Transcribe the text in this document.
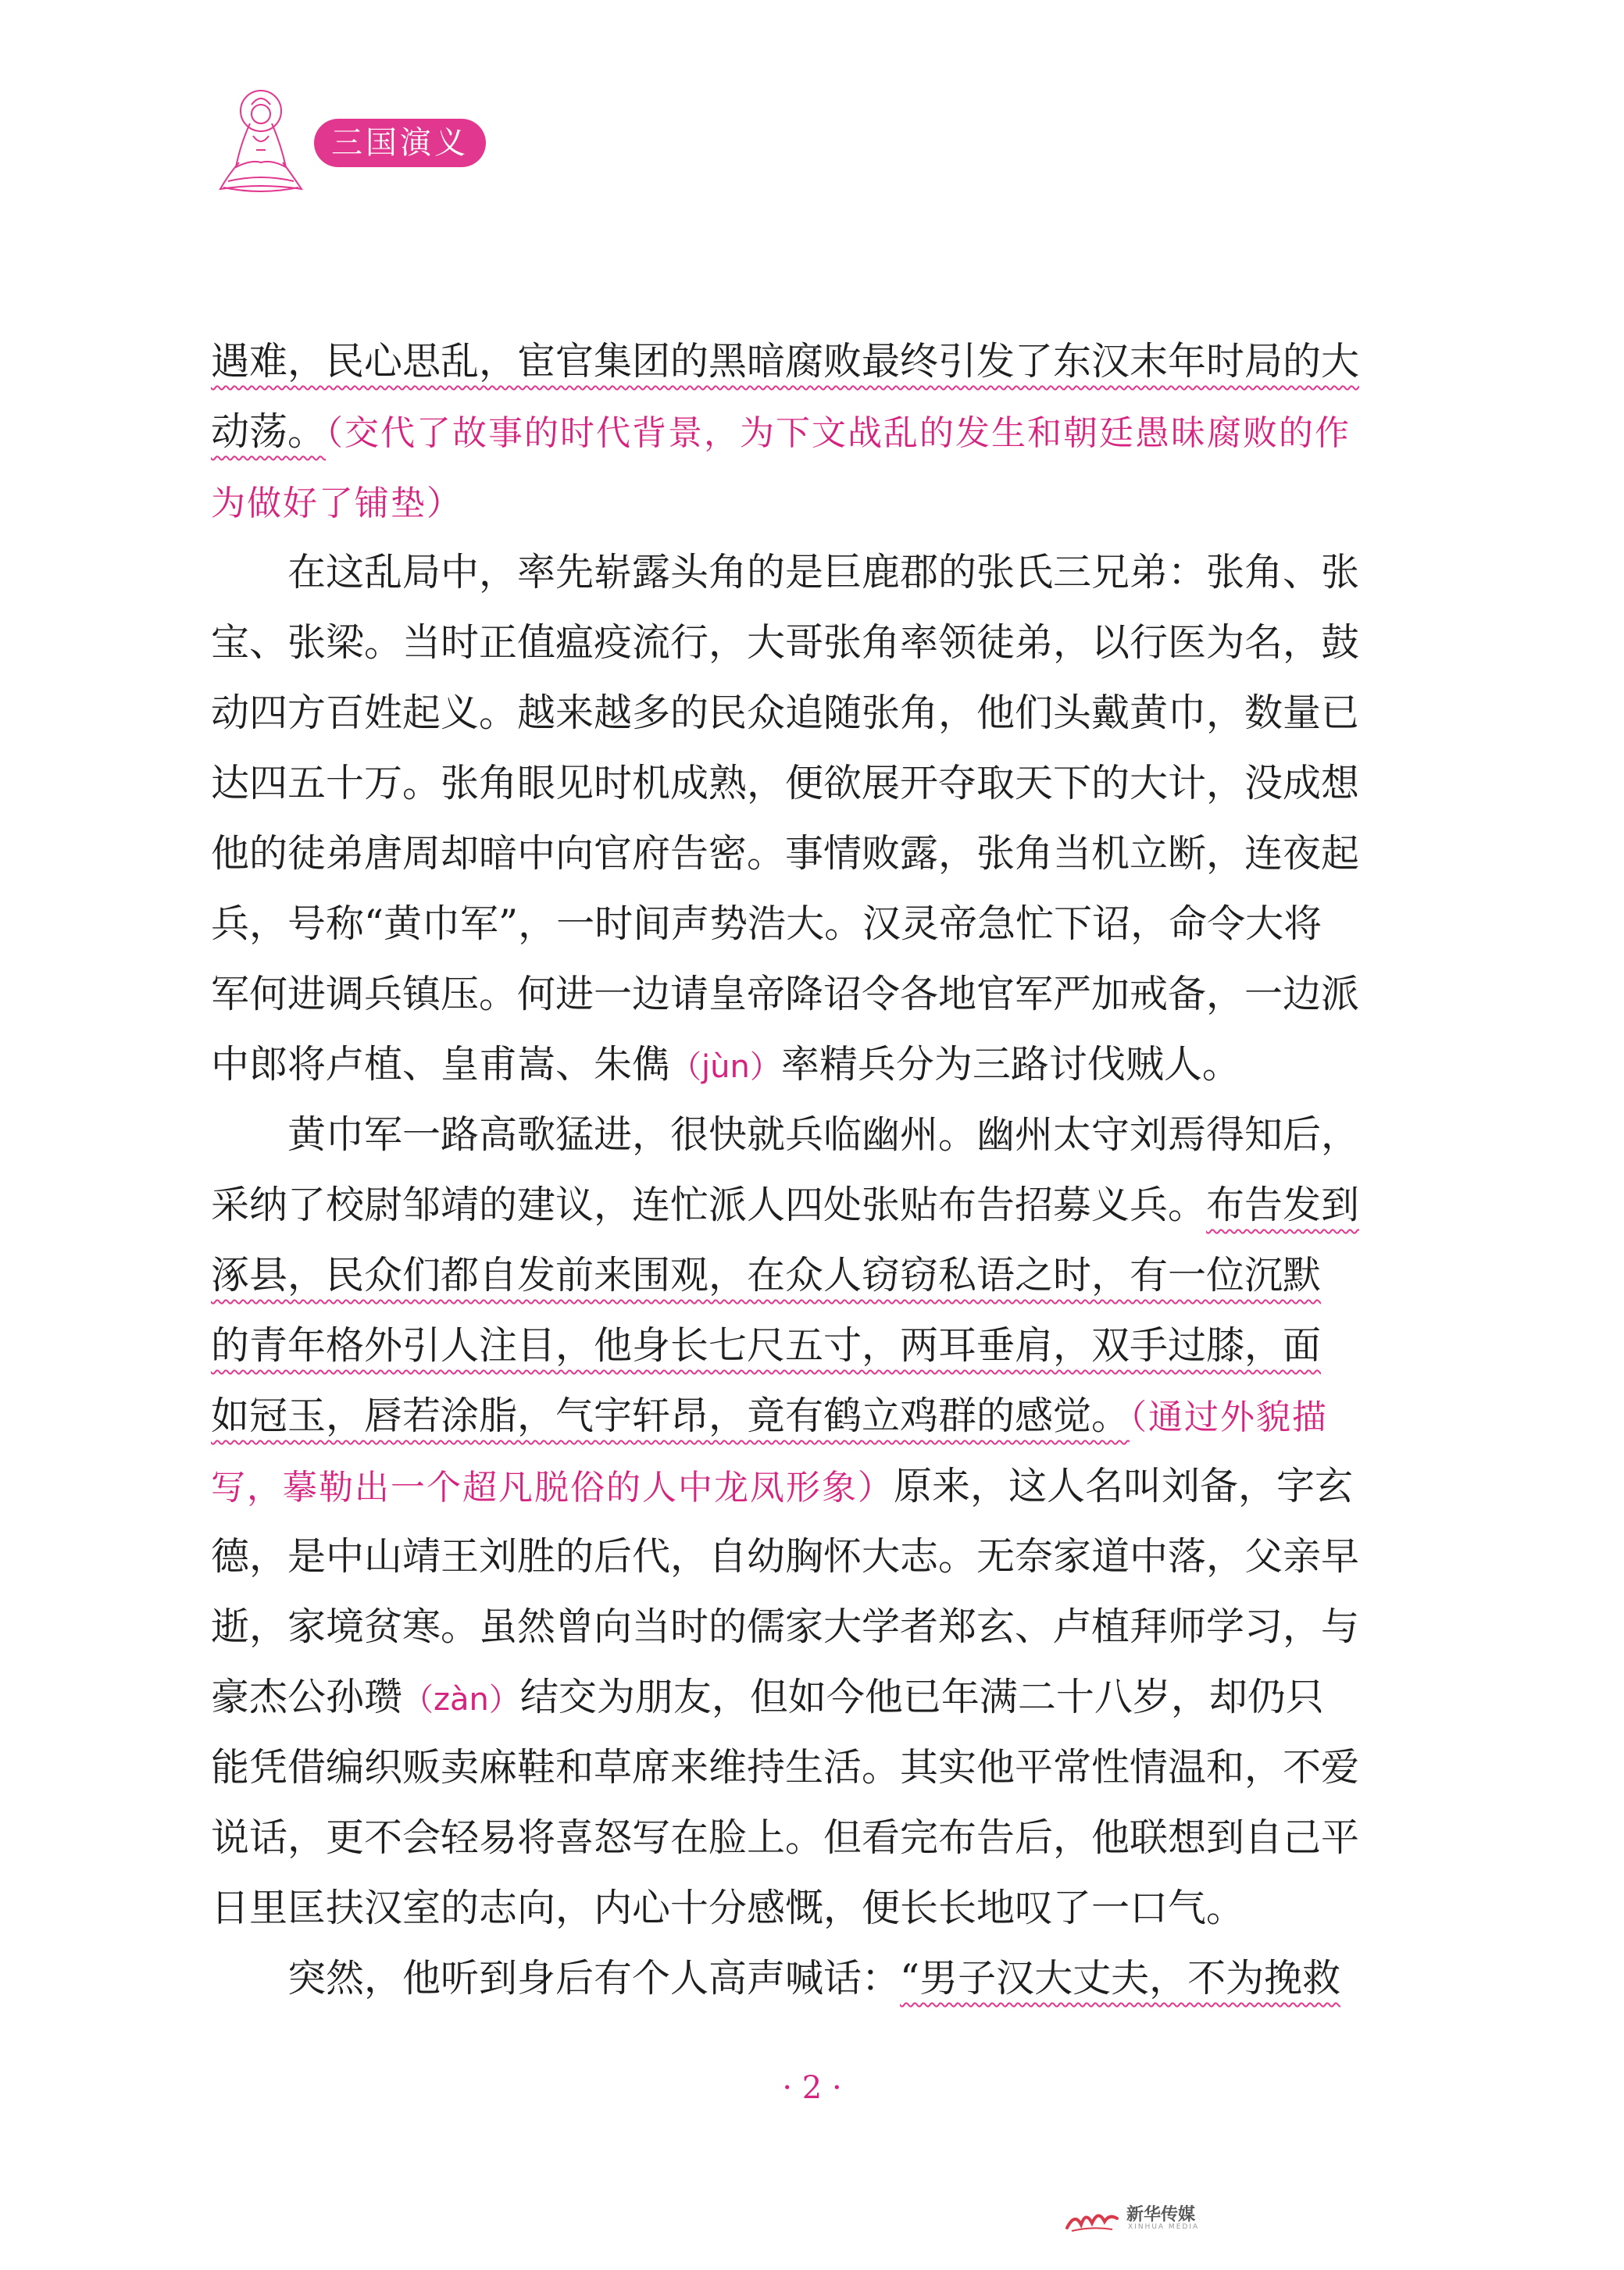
三国演义
遇难，民心思乱，宦官集团的黑暗腐败最终引发了东汉末年时局的大
动荡。（交代了故事的时代背景，为下文战乱的发生和朝廷愚昧腐败的作
为做好了铺垫）
在这乱局中，率先崭露头角的是巨鹿郡的张氏三兄弟：张角、张
宝、张梁。当时正值瘟疫流行，大哥张角率领徒弟，以行医为名，鼓
动四方百姓起义。越来越多的民众追随张角，他们头戴黄巾，数量已
达四五十万。张角眼见时机成熟，便欲展开夺取天下的大计，没成想
他的徒弟唐周却暗中向官府告密。事情败露，张角当机立断，连夜起
兵，号称“黄巾军”，一时间声势浩大。汉灵帝急忙下诏，命令大将
军何进调兵镇压。何进一边请皇帝降诏令各地官军严加戒备，一边派
中郎将卢植、皇甫嵩、朱儁（jùn）率精兵分为三路讨伐贼人。
黄巾军一路高歌猛进，很快就兵临幽州。幽州太守刘焉得知后，
采纳了校尉邹靖的建议，连忙派人四处张贴布告招募义兵。布告发到
涿县，民众们都自发前来围观，在众人窃窃私语之时，有一位沉默
的青年格外引人注目，他身长七尺五寸，两耳垂肩，双手过膝，面
如冠玉，唇若涂脂，气宇轩昂，竟有鹤立鸡群的感觉。（通过外貌描
写，摹勒出一个超凡脱俗的人中龙凤形象）原来，这人名叫刘备，字玄
德，是中山靖王刘胜的后代，自幼胸怀大志。无奈家道中落，父亲早
逝，家境贫寒。虽然曾向当时的儒家大学者郑玄、卢植拜师学习，与
豪杰公孙瓒（zàn）结交为朋友，但如今他已年满二十八岁，却仍只
能凭借编织贩卖麻鞋和草席来维持生活。其实他平常性情温和，不爱
说话，更不会轻易将喜怒写在脸上。但看完布告后，他联想到自己平
日里匡扶汉室的志向，内心十分感慨，便长长地叹了一口气。
突然，他听到身后有个人高声喊话：“男子汉大丈夫，不为挽救
· 2 ·
新华传媒
XINHUA MEDIA
